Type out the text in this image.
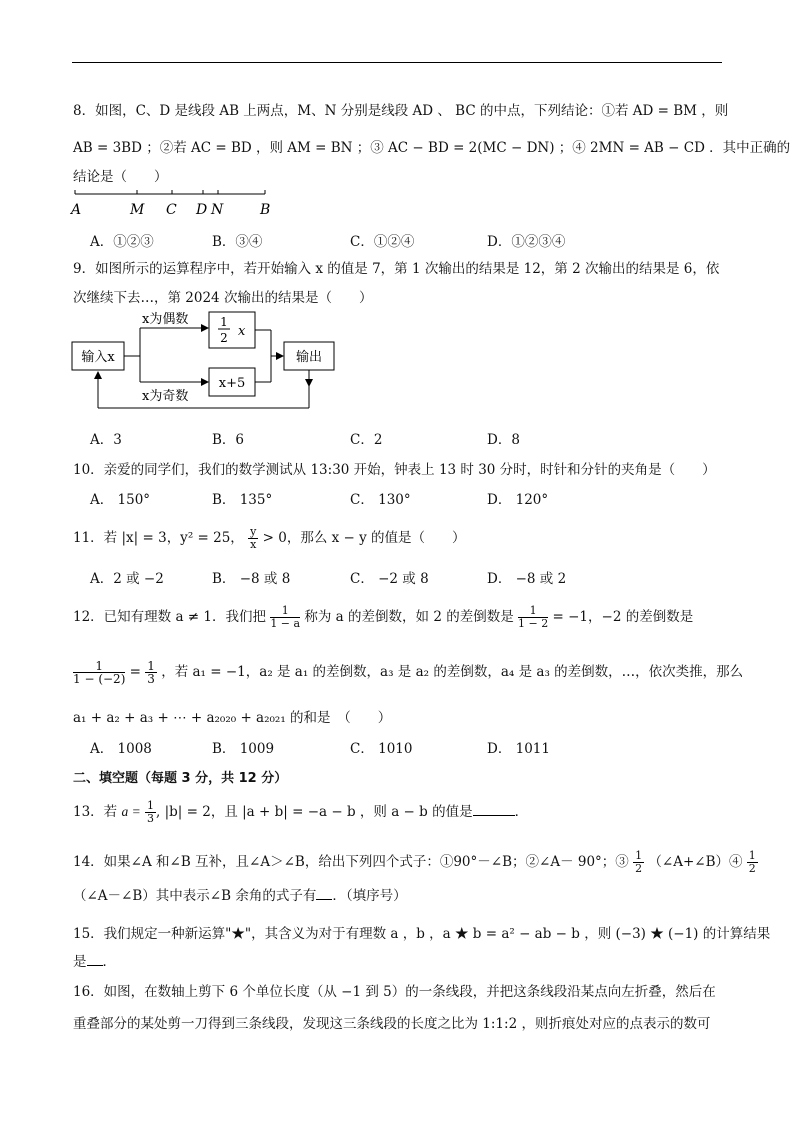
8．如图，C、D 是线段 AB 上两点，M、N 分别是线段 AD 、 BC 的中点，下列结论：①若 AD = BM ，则
AB = 3BD ；②若 AC = BD ，则 AM = BN ；③ AC − BD = 2(MC − DN) ；④ 2MN = AB − CD ．其中正确的
结论是（　　）
A	M C D N	B
A．①②③	B．③④	C．①②④	D．①②③④
9．如图所示的运算程序中，若开始输入 x 的值是 7，第 1 次输出的结果是 12，第 2 次输出的结果是 6，依
次继续下去…，第 2024 次输出的结果是（　　）
输入x
x为偶数
x为奇数
1
2 x
x+5
输出
A．3	B．6	C．2	D．8
10．亲爱的同学们，我们的数学测试从 13:30 开始，钟表上 13 时 30 分时，时针和分针的夹角是（　　）
A． 150°	B． 135°	C． 130°	D． 120°
11．若 |x| = 3，y² = 25， $\frac{y}{x} > 0$，那么 x − y 的值是（　　）
A．2 或 −2	B． −8 或 8	C． −2 或 8	D． −8 或 2
12．已知有理数 a ≠ 1．我们把 $\frac{1}{1 - a}$ 称为 a 的差倒数，如 2 的差倒数是 $\frac{1}{1 - 2} = -1$，−2 的差倒数是
$\frac{1}{1 - (-2)} = \frac{1}{3}$ ，若 a₁ = −1，a₂ 是 a₁ 的差倒数，a₃ 是 a₂ 的差倒数，a₄ 是 a₃ 的差倒数，…，依次类推，那么
a₁ + a₂ + a₃ + ⋯ + a₂₀₂₀ + a₂₀₂₁ 的和是　（　　）
A． 1008	B． 1009	C． 1010	D． 1011
二、填空题（每题 3 分，共 12 分）
13．若 $a = \frac{1}{3}$ , |b| = 2，且 |a + b| = −a − b ，则 a − b 的值是	．
14．如果∠A 和∠B 互补，且∠A＞∠B，给出下列四个式子：①90°－∠B；②∠A－ 90°；③ $\frac{1}{2}$ （∠A+∠B）④ $\frac{1}{2}$
（∠A－∠B）其中表示∠B 余角的式子有 ．（填序号）
15．我们规定一种新运算"★"，其含义为对于有理数 a ，b ，a ★ b = a² − ab − b ，则 (−3) ★ (−1) 的计算结果
是 ．
16．如图，在数轴上剪下 6 个单位长度（从 −1 到 5）的一条线段，并把这条线段沿某点向左折叠，然后在
重叠部分的某处剪一刀得到三条线段，发现这三条线段的长度之比为 1:1:2 ，则折痕处对应的点表示的数可
